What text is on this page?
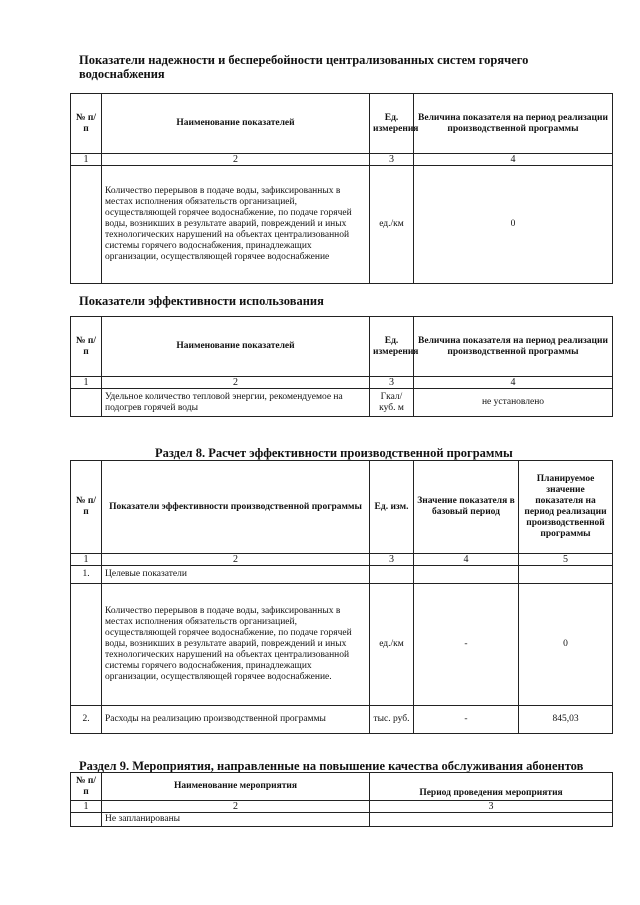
Показатели надежности и бесперебойности централизованных систем горячего водоснабжения
№ п/п	Наименование показателей	Ед. измерения	Величина показателя на период реализации производственной программы
1	2	3	4
	Количество перерывов в подаче воды, зафиксированных в местах исполнения обязательств организацией, осуществляющей горячее водоснабжение, по подаче горячей воды, возникших в результате аварий, повреждений и иных технологических нарушений на объектах централизованной системы горячего водоснабжения, принадлежащих организации, осуществляющей горячее водоснабжение	ед./км	0
Показатели эффективности использования
№ п/п	Наименование показателей	Ед. измерения	Величина показателя на период реализации производственной программы
1	2	3	4
	Удельное количество тепловой энергии, рекомендуемое на подогрев горячей воды	Гкал/ куб. м	не установлено
Раздел 8. Расчет эффективности производственной программы
№ п/п	Показатели эффективности производственной программы	Ед. изм.	Значение показателя в базовый период	Планируемое значение показателя на период реализации производственной программы
1	2	3	4	5
1.	Целевые показатели			
	Количество перерывов в подаче воды, зафиксированных в местах исполнения обязательств организацией, осуществляющей горячее водоснабжение, по подаче горячей воды, возникших в результате аварий, повреждений и иных технологических нарушений на объектах централизованной системы горячего водоснабжения, принадлежащих организации, осуществляющей горячее водоснабжение.	ед./км	-	0
2.	Расходы на реализацию производственной программы	тыс. руб.	-	845,03
Раздел 9. Мероприятия, направленные на повышение качества обслуживания абонентов
№ п/п	Наименование мероприятия	Период проведения мероприятия
1	2	3
	Не запланированы	
